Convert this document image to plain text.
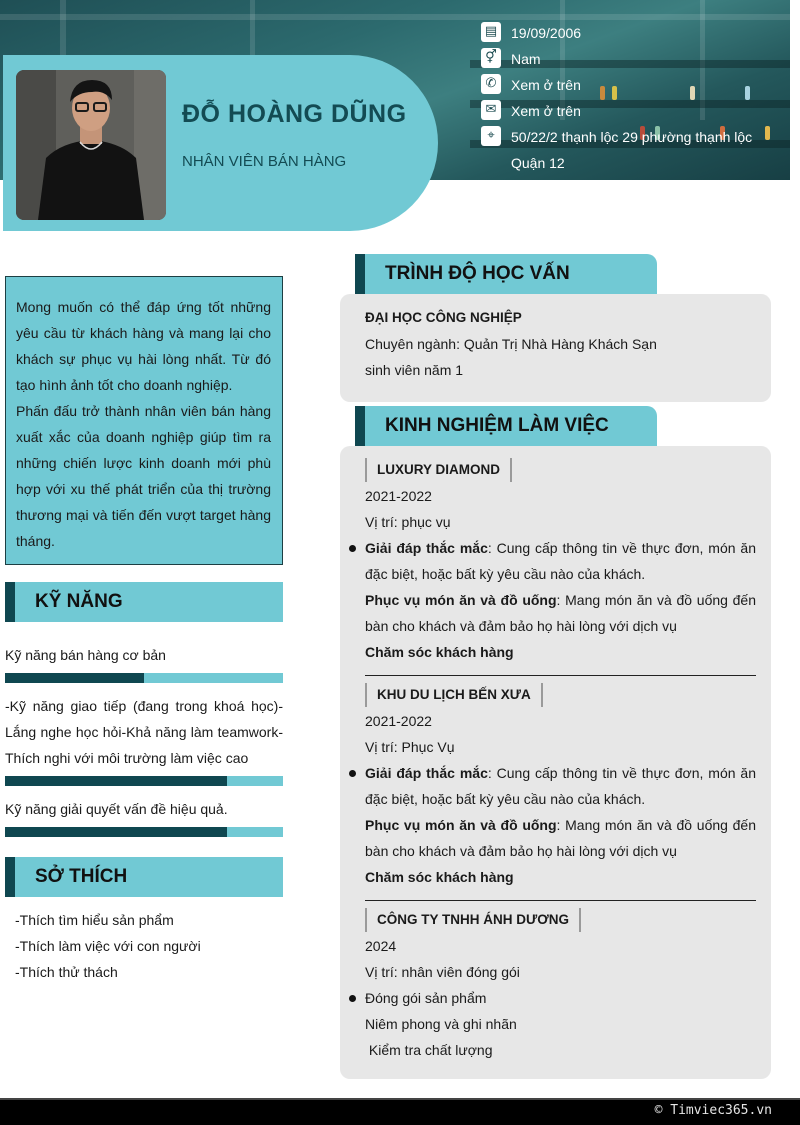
ĐỖ HOÀNG DŨNG
NHÂN VIÊN BÁN HÀNG
▤ 19/09/2006
⚥ Nam
✆	Xem ở trên
✉	Xem ở trên
⌖	50/22/2 thạnh lộc 29 phường thạnh lộc
Quận 12

Mong muốn có thể đáp ứng tốt những yêu cầu từ khách hàng và mang lại cho khách sự phục vụ hài lòng nhất. Từ đó tạo hình ảnh tốt cho doanh nghiệp.

Phấn đấu trở thành nhân viên bán hàng xuất xắc của doanh nghiệp giúp tìm ra những chiến lược kinh doanh mới phù hợp với xu thế phát triển của thị trường thương mại và tiến đến vượt target hàng tháng.

KỸ NĂNG
Kỹ năng bán hàng cơ bản
-Kỹ năng giao tiếp (đang trong khoá học)-Lắng nghe học hỏi-Khả năng làm teamwork-Thích nghi với môi trường làm việc cao
Kỹ năng giải quyết vấn đề hiệu quả.
SỞ THÍCH
-Thích tìm hiểu sản phẩm
-Thích làm việc với con người
-Thích thử thách
TRÌNH ĐỘ HỌC VẤN
ĐẠI HỌC CÔNG NGHIỆP
Chuyên ngành: Quản Trị Nhà Hàng Khách Sạn
sinh viên năm 1
KINH NGHIỆM LÀM VIỆC
LUXURY DIAMOND
2021-2022
Vị trí: phục vụ

Giải đáp thắc mắc: Cung cấp thông tin về thực đơn, món ăn đặc biệt, hoặc bất kỳ yêu cầu nào của khách.

Phục vụ món ăn và đồ uống: Mang món ăn và đồ uống đến bàn cho khách và đảm bảo họ hài lòng với dịch vụ

Chăm sóc khách hàng

KHU DU LỊCH BẾN XƯA
2021-2022
Vị trí: Phục Vụ

Giải đáp thắc mắc: Cung cấp thông tin về thực đơn, món ăn đặc biệt, hoặc bất kỳ yêu cầu nào của khách.

Phục vụ món ăn và đồ uống: Mang món ăn và đồ uống đến bàn cho khách và đảm bảo họ hài lòng với dịch vụ

Chăm sóc khách hàng

CÔNG TY TNHH ÁNH DƯƠNG
2024
Vị trí: nhân viên đóng gói

Đóng gói sản phẩm

Niêm phong và ghi nhãn

Kiểm tra chất lượng

© Timviec365.vn
